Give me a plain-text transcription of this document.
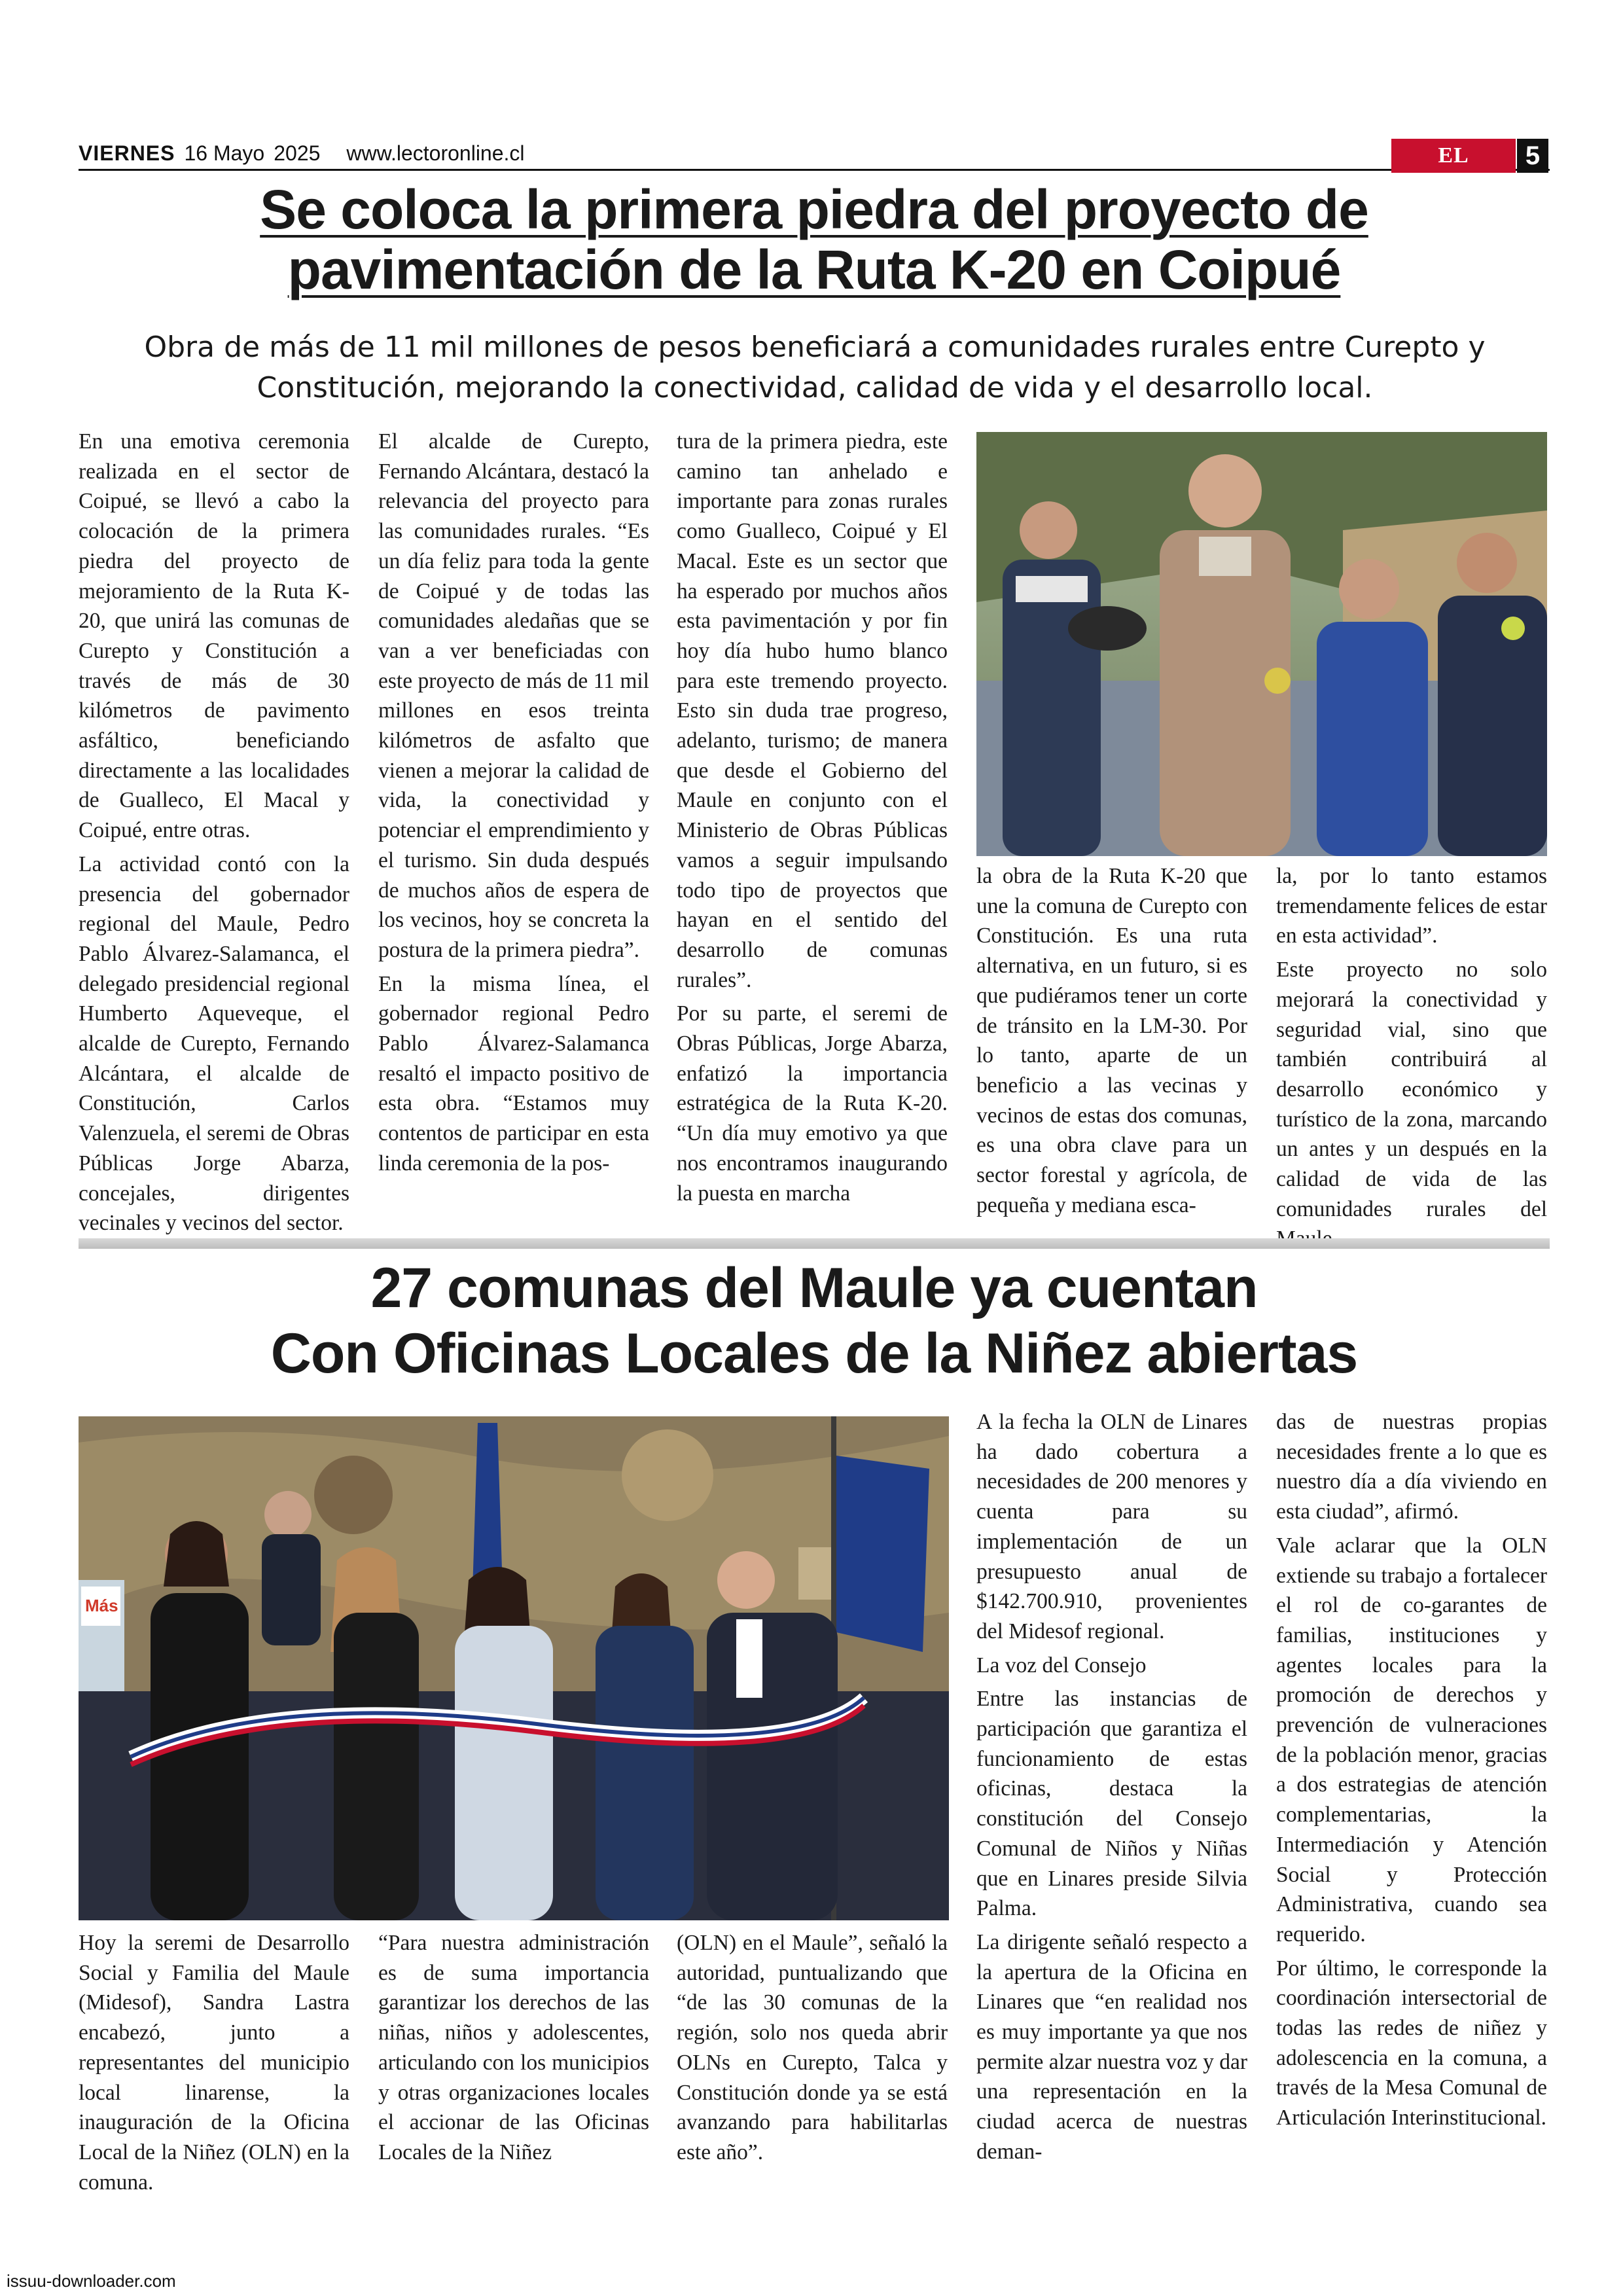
VIERNES 16 Mayo 2025 www.lectoronline.cl	EL LECTOR
5
Se coloca la primera piedra del proyecto de
pavimentación de la Ruta K-20 en Coipué
Obra de más de 11 mil millones de pesos beneficiará a comunidades rurales entre Curepto y Constitución, mejorando la conectividad, calidad de vida y el desarrollo local.

En una emotiva ceremonia realizada en el sector de Coipué, se llevó a cabo la colocación de la primera piedra del proyecto de mejoramiento de la Ruta K-20, que unirá las comunas de Curepto y Constitución a través de más de 30 kilómetros de pavimento asfáltico, beneficiando directamente a las localidades de Gualleco, El Macal y Coipué, entre otras.

La actividad contó con la presencia del gobernador regional del Maule, Pedro Pablo Álvarez-Salamanca, el delegado presidencial regional Humberto Aqueveque, el alcalde de Curepto, Fernando Alcántara, el alcalde de Constitución, Carlos Valenzuela, el seremi de Obras Públicas Jorge Abarza, concejales, dirigentes vecinales y vecinos del sector.

El alcalde de Curepto, Fernando Alcántara, destacó la relevancia del proyecto para las comunidades rurales. “Es un día feliz para toda la gente de Coipué y de todas las comunidades aledañas que se van a ver beneficiadas con este proyecto de más de 11 mil millones en esos treinta kilómetros de asfalto que vienen a mejorar la calidad de vida, la conectividad y potenciar el emprendimiento y el turismo. Sin duda después de muchos años de espera de los vecinos, hoy se concreta la postura de la primera piedra”.

En la misma línea, el gobernador regional Pedro Pablo Álvarez-Salamanca resaltó el impacto positivo de esta obra. “Estamos muy contentos de participar en esta linda ceremonia de la pos-

tura de la primera piedra, este camino tan anhelado e importante para zonas rurales como Gualleco, Coipué y El Macal. Este es un sector que ha esperado por muchos años esta pavimentación y por fin hoy día hubo humo blanco para este tremendo proyecto. Esto sin duda trae progreso, adelanto, turismo; de manera que desde el Gobierno del Maule en conjunto con el Ministerio de Obras Públicas vamos a seguir impulsando todo tipo de proyectos que hayan en el sentido del desarrollo de comunas rurales”.

Por su parte, el seremi de Obras Públicas, Jorge Abarza, enfatizó la importancia estratégica de la Ruta K-20. “Un día muy emotivo ya que nos encontramos inaugurando la puesta en marcha

la obra de la Ruta K-20 que une la comuna de Curepto con Constitución. Es una ruta alternativa, en un futuro, si es que pudiéramos tener un corte de tránsito en la LM-30. Por lo tanto, aparte de un beneficio a las vecinas y vecinos de estas dos comunas, es una obra clave para un sector forestal y agrícola, de pequeña y mediana esca-

la, por lo tanto estamos tremendamente felices de estar en esta actividad”.

Este proyecto no solo mejorará la conectividad y seguridad vial, sino que también contribuirá al desarrollo económico y turístico de la zona, marcando un antes y un después en la calidad de vida de las comunidades rurales del

27 comunas del Maule ya cuentan
Con Oficinas Locales de la Niñez abiertas
Más

Hoy la seremi de Desarrollo Social y Familia del Maule (Midesof), Sandra Lastra encabezó, junto a representantes del municipio local linarense, la inauguración de la Oficina Local de la Niñez (OLN) en la comuna.

“Para nuestra administración es de suma importancia garantizar los derechos de las niñas, niños y adolescentes, articulando con los municipios y otras organizaciones locales el accionar de las Oficinas Locales de la Niñez

(OLN) en el Maule”, señaló la autoridad, puntualizando que “de las 30 comunas de la región, solo nos queda abrir OLNs en Curepto, Talca y Constitución donde ya se está avanzando para habilitarlas este año”.

A la fecha la OLN de Linares ha dado cobertura a necesidades de 200 menores y cuenta para su implementación de un presupuesto anual de $142.700.910, provenientes del Midesof regional.

La voz del Consejo

Entre las instancias de participación que garantiza el funcionamiento de estas oficinas, destaca la constitución del Consejo Comunal de Niños y Niñas que en Linares preside Silvia Palma.

La dirigente señaló respecto a la apertura de la Oficina en Linares que “en realidad nos es muy importante ya que nos permite alzar nuestra voz y dar una representación en la ciudad acerca de nuestras deman-

das de nuestras propias necesidades frente a lo que es nuestro día a día viviendo en esta ciudad”, afirmó.

Vale aclarar que la OLN extiende su trabajo a fortalecer el rol de co-garantes de familias, instituciones y agentes locales para la promoción de derechos y prevención de vulneraciones de la población menor, gracias a dos estrategias de atención complementarias, la Intermediación y Atención Social y Protección Administrativa, cuando sea requerido.

Por último, le corresponde la coordinación intersectorial de todas las redes de niñez y adolescencia en la comuna, a través de la Mesa Comunal de Articulación Interinstitucional.

issuu-downloader.com
